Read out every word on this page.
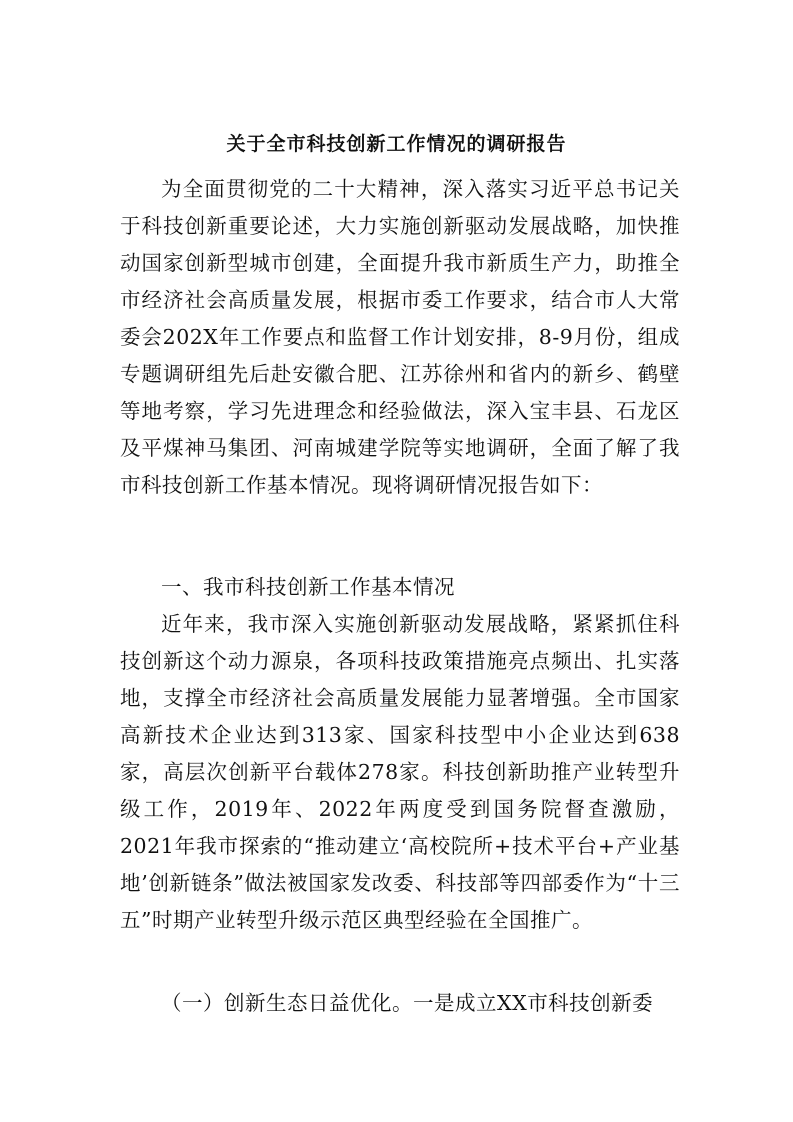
关于全市科技创新工作情况的调研报告

为全面贯彻党的二十大精神，深入落实习近平总书记关于科技创新重要论述，大力实施创新驱动发展战略，加快推动国家创新型城市创建，全面提升我市新质生产力，助推全市经济社会高质量发展，根据市委工作要求，结合市人大常委会202X年工作要点和监督工作计划安排，8-9月份，组成专题调研组先后赴安徽合肥、江苏徐州和省内的新乡、鹤壁等地考察，学习先进理念和经验做法，深入宝丰县、石龙区及平煤神马集团、河南城建学院等实地调研，全面了解了我市科技创新工作基本情况。现将调研情况报告如下：

一、我市科技创新工作基本情况

近年来，我市深入实施创新驱动发展战略，紧紧抓住科技创新这个动力源泉，各项科技政策措施亮点频出、扎实落地，支撑全市经济社会高质量发展能力显著增强。全市国家高新技术企业达到313家、国家科技型中小企业达到638家，高层次创新平台载体278家。科技创新助推产业转型升级工作，2019年、2022年两度受到国务院督查激励，2021年我市探索的“推动建立‘高校院所+技术平台+产业基地’创新链条”做法被国家发改委、科技部等四部委作为“十三五”时期产业转型升级示范区典型经验在全国推广。

（一）创新生态日益优化。一是成立XX市科技创新委
